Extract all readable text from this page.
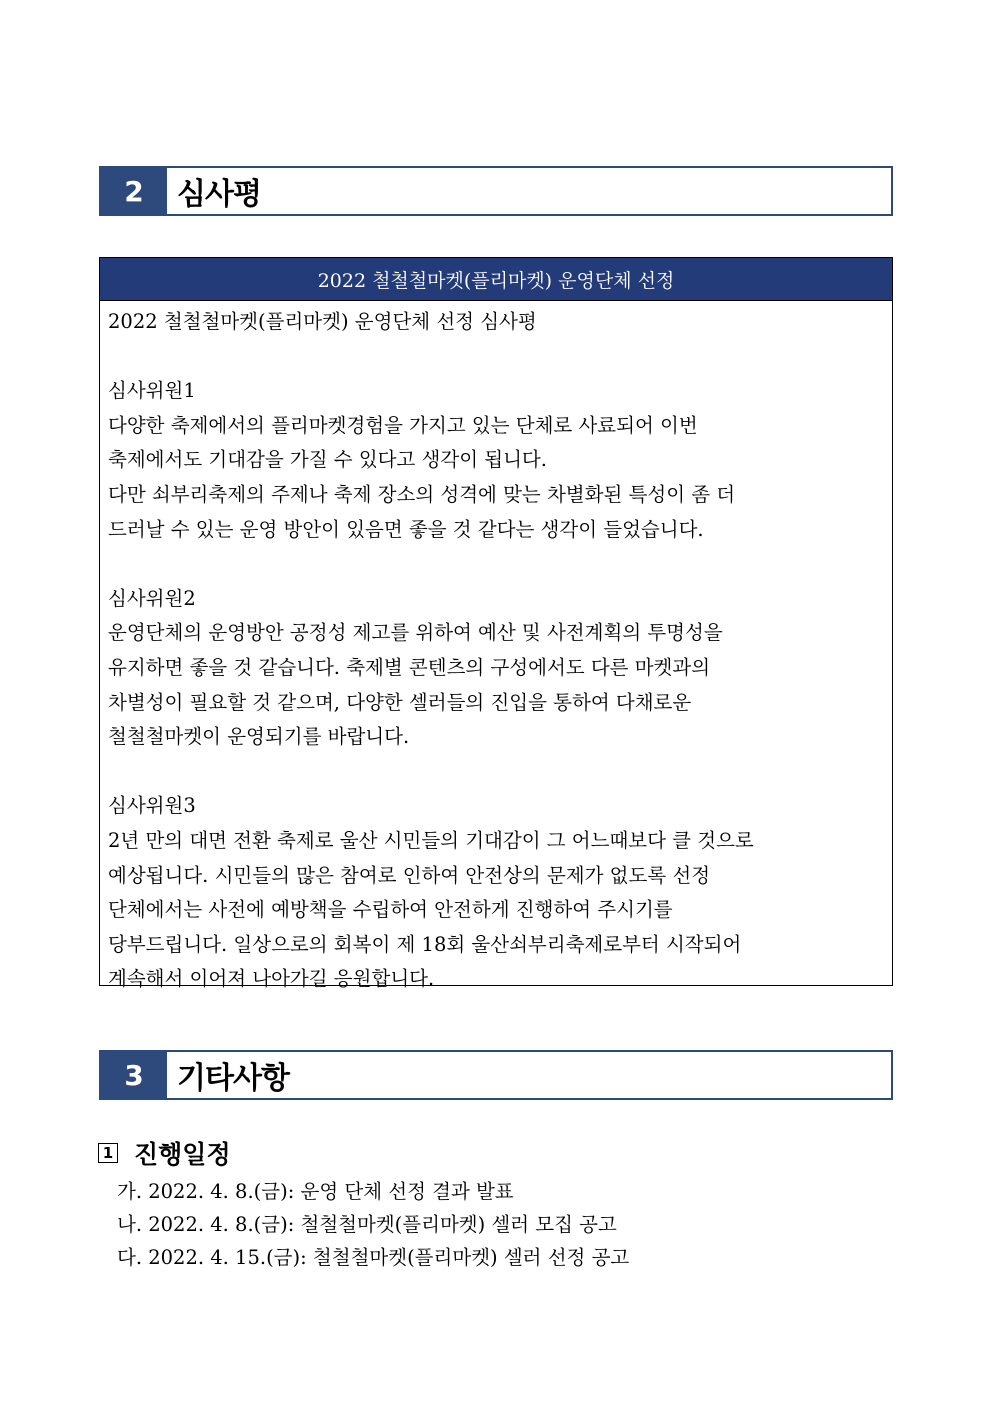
2	심사평
2022 철철철마켓(플리마켓) 운영단체 선정
2022 철철철마켓(플리마켓) 운영단체 선정 심사평
심사위원1
다양한 축제에서의 플리마켓경험을 가지고 있는 단체로 사료되어 이번
축제에서도 기대감을 가질 수 있다고 생각이 됩니다.
다만 쇠부리축제의 주제나 축제 장소의 성격에 맞는 차별화된 특성이 좀 더
드러날 수 있는 운영 방안이 있음면 좋을 것 같다는 생각이 들었습니다.
심사위원2
운영단체의 운영방안 공정성 제고를 위하여 예산 및 사전계획의 투명성을
유지하면 좋을 것 같습니다. 축제별 콘텐츠의 구성에서도 다른 마켓과의
차별성이 필요할 것 같으며, 다양한 셀러들의 진입을 통하여 다채로운
철철철마켓이 운영되기를 바랍니다.
심사위원3
2년 만의 대면 전환 축제로 울산 시민들의 기대감이 그 어느때보다 클 것으로
예상됩니다. 시민들의 많은 참여로 인하여 안전상의 문제가 없도록 선정
단체에서는 사전에 예방책을 수립하여 안전하게 진행하여 주시기를
당부드립니다. 일상으로의 회복이 제 18회 울산쇠부리축제로부터 시작되어
계속해서 이어져 나아가길 응원합니다.
3	기타사항
1 진행일정
가. 2022. 4. 8.(금): 운영 단체 선정 결과 발표
나. 2022. 4. 8.(금): 철철철마켓(플리마켓) 셀러 모집 공고
다. 2022. 4. 15.(금): 철철철마켓(플리마켓) 셀러 선정 공고
